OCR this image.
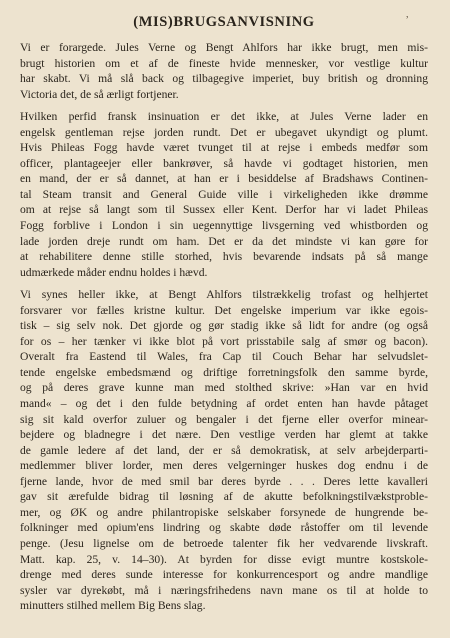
,
(MIS)BRUGSANVISNING
Vi er forargede. Jules Verne og Bengt Ahlfors har ikke brugt, men mis-
brugt historien om et af de fineste hvide mennesker, vor vestlige kultur
har skabt. Vi må slå back og tilbagegive imperiet, buy british og dronning
Victoria det, de så ærligt fortjener.
Hvilken perfid fransk insinuation er det ikke, at Jules Verne lader en
engelsk gentleman rejse jorden rundt. Det er ubegavet ukyndigt og plumt.
Hvis Phileas Fogg havde været tvunget til at rejse i embeds medfør som
officer, plantageejer eller bankrøver, så havde vi godtaget historien, men
en mand, der er så dannet, at han er i besiddelse af Bradshaws Continen-
tal Steam transit and General Guide ville i virkeligheden ikke drømme
om at rejse så langt som til Sussex eller Kent. Derfor har vi ladet Phileas
Fogg forblive i London i sin uegennyttige livsgerning ved whistborden og
lade jorden dreje rundt om ham. Det er da det mindste vi kan gøre for
at rehabilitere denne stille storhed, hvis bevarende indsats på så mange
udmærkede måder endnu holdes i hævd.
Vi synes heller ikke, at Bengt Ahlfors tilstrækkelig trofast og helhjertet
forsvarer vor fælles kristne kultur. Det engelske imperium var ikke egois-
tisk – sig selv nok. Det gjorde og gør stadig ikke så lidt for andre (og også
for os – her tænker vi ikke blot på vort prisstabile salg af smør og bacon).
Overalt fra Eastend til Wales, fra Cap til Couch Behar har selvudslet-
tende engelske embedsmænd og driftige forretningsfolk den samme byrde,
og på deres grave kunne man med stolthed skrive: »Han var en hvid
mand« – og det i den fulde betydning af ordet enten han havde påtaget
sig sit kald overfor zuluer og bengaler i det fjerne eller overfor minear-
bejdere og bladnegre i det nære. Den vestlige verden har glemt at takke
de gamle ledere af det land, der er så demokratisk, at selv arbejderparti-
medlemmer bliver lorder, men deres velgerninger huskes dog endnu i de
fjerne lande, hvor de med smil bar deres byrde . . . Deres lette kavalleri
gav sit ærefulde bidrag til løsning af de akutte befolkningstilvækstproble-
mer, og ØK og andre philantropiske selskaber forsynede de hungrende be-
folkninger med opium'ens lindring og skabte døde råstoffer om til levende
penge. (Jesu lignelse om de betroede talenter fik her vedvarende livskraft.
Matt. kap. 25, v. 14–30). At byrden for disse evigt muntre kostskole-
drenge med deres sunde interesse for konkurrencesport og andre mandlige
sysler var dyrekøbt, må i næringsfrihedens navn mane os til at holde to
minutters stilhed mellem Big Bens slag.
